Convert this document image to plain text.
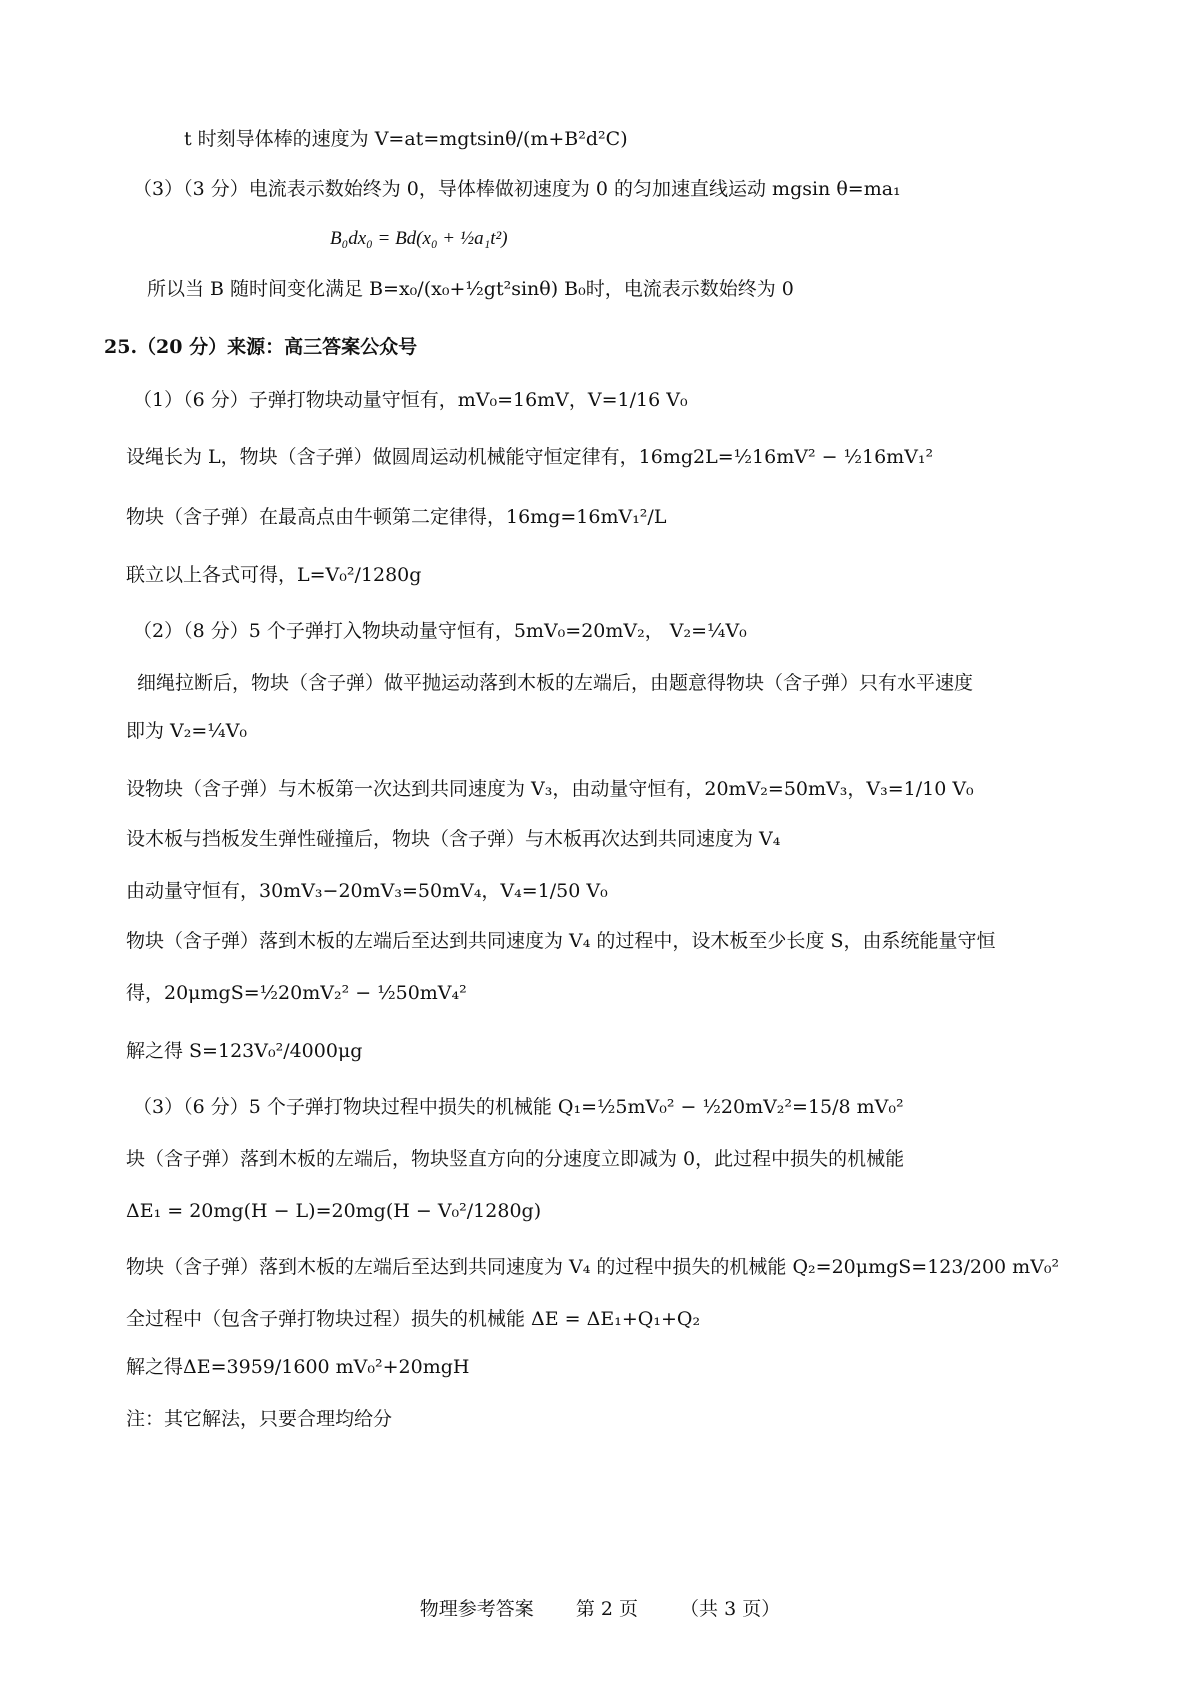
t 时刻导体棒的速度为 V=at=mgtsinθ/(m+B²d²C)
（3）（3 分）电流表示数始终为 0，导体棒做初速度为 0 的匀加速直线运动 mgsin θ=ma₁
B₀dx₀ = Bd(x₀ + ½a₁t²)
所以当 B 随时间变化满足 B=x₀/(x₀+½gt²sinθ) B₀时，电流表示数始终为 0
25.（20 分）来源：高三答案公众号
（1）（6 分）子弹打物块动量守恒有，mV₀=16mV，V=1/16 V₀
设绳长为 L，物块（含子弹）做圆周运动机械能守恒定律有，16mg2L=½16mV² − ½16mV₁²
物块（含子弹）在最高点由牛顿第二定律得，16mg=16mV₁²/L
联立以上各式可得，L=V₀²/1280g
（2）（8 分）5 个子弹打入物块动量守恒有，5mV₀=20mV₂， V₂=¼V₀
细绳拉断后，物块（含子弹）做平抛运动落到木板的左端后，由题意得物块（含子弹）只有水平速度
即为 V₂=¼V₀
设物块（含子弹）与木板第一次达到共同速度为 V₃，由动量守恒有，20mV₂=50mV₃，V₃=1/10 V₀
设木板与挡板发生弹性碰撞后，物块（含子弹）与木板再次达到共同速度为 V₄
由动量守恒有，30mV₃−20mV₃=50mV₄，V₄=1/50 V₀
物块（含子弹）落到木板的左端后至达到共同速度为 V₄ 的过程中，设木板至少长度 S，由系统能量守恒
得，20μmgS=½20mV₂² − ½50mV₄²
解之得 S=123V₀²/4000μg
（3）（6 分）5 个子弹打物块过程中损失的机械能 Q₁=½5mV₀² − ½20mV₂²=15/8 mV₀²
块（含子弹）落到木板的左端后，物块竖直方向的分速度立即减为 0，此过程中损失的机械能
ΔE₁ = 20mg(H − L)=20mg(H − V₀²/1280g)
物块（含子弹）落到木板的左端后至达到共同速度为 V₄ 的过程中损失的机械能 Q₂=20μmgS=123/200 mV₀²
全过程中（包含子弹打物块过程）损失的机械能 ΔE = ΔE₁+Q₁+Q₂
解之得ΔE=3959/1600 mV₀²+20mgH
注：其它解法，只要合理均给分
物理参考答案 第 2 页 （共 3 页）
